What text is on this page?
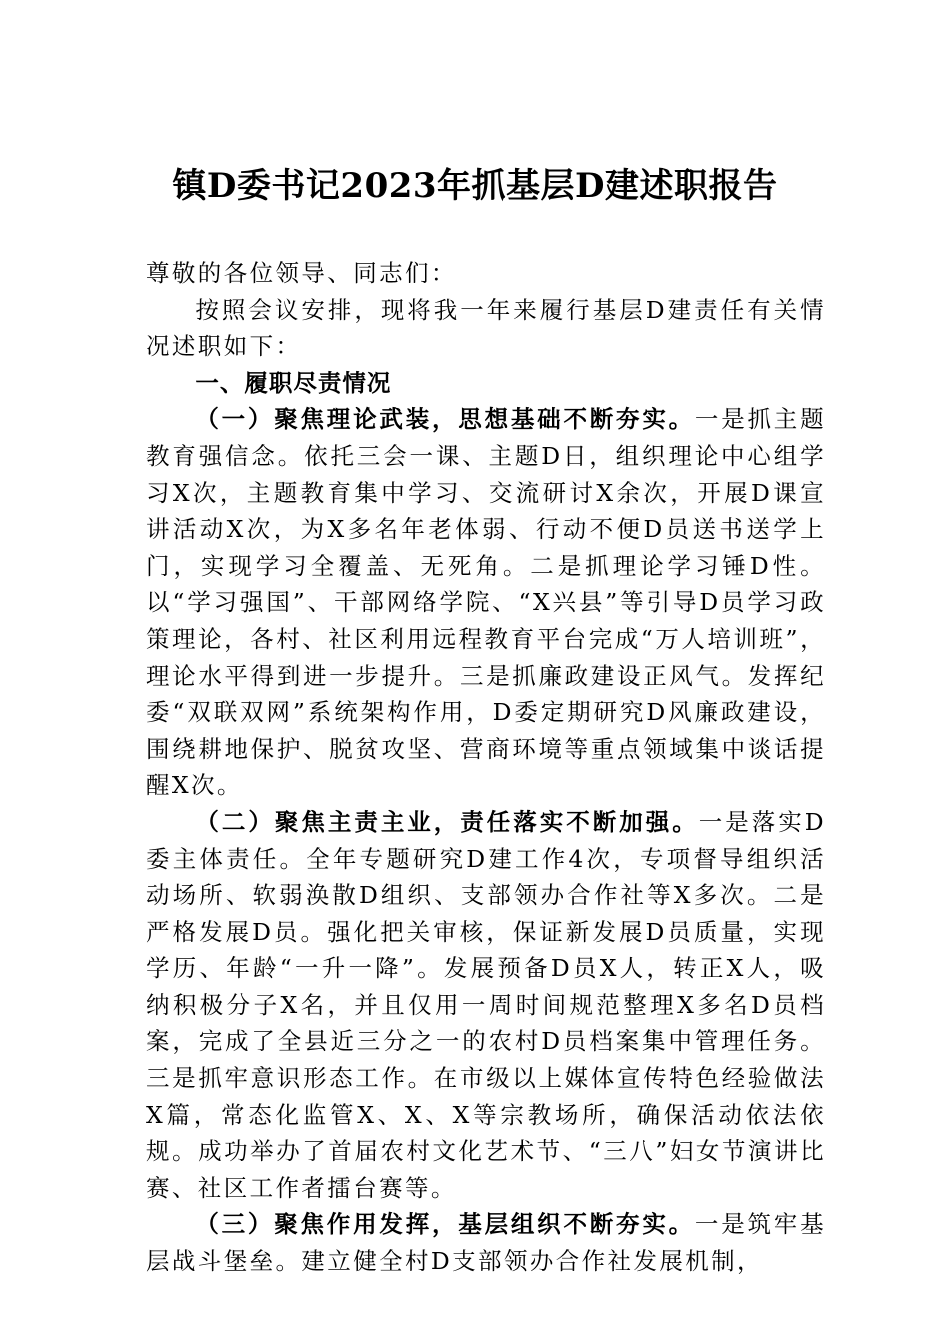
镇D委书记2023年抓基层D建述职报告

尊敬的各位领导、同志们：

按照会议安排，现将我一年来履行基层D建责任有关情况述职如下：

一、履职尽责情况

（一）聚焦理论武装，思想基础不断夯实。一是抓主题教育强信念。依托三会一课、主题D日，组织理论中心组学习X次，主题教育集中学习、交流研讨X余次，开展D课宣讲活动X次，为X多名年老体弱、行动不便D员送书送学上门，实现学习全覆盖、无死角。二是抓理论学习锤D性。以“学习强国”、干部网络学院、“X兴县”等引导D员学习政策理论，各村、社区利用远程教育平台完成“万人培训班”，理论水平得到进一步提升。三是抓廉政建设正风气。发挥纪委“双联双网”系统架构作用，D委定期研究D风廉政建设，围绕耕地保护、脱贫攻坚、营商环境等重点领域集中谈话提醒X次。

（二）聚焦主责主业，责任落实不断加强。一是落实D委主体责任。全年专题研究D建工作4次，专项督导组织活动场所、软弱涣散D组织、支部领办合作社等X多次。二是严格发展D员。强化把关审核，保证新发展D员质量，实现学历、年龄“一升一降”。发展预备D员X人，转正X人，吸纳积极分子X名，并且仅用一周时间规范整理X多名D员档案，完成了全县近三分之一的农村D员档案集中管理任务。三是抓牢意识形态工作。在市级以上媒体宣传特色经验做法X篇，常态化监管X、X、X等宗教场所，确保活动依法依规。成功举办了首届农村文化艺术节、“三八”妇女节演讲比赛、社区工作者擂台赛等。

（三）聚焦作用发挥，基层组织不断夯实。一是筑牢基层战斗堡垒。建立健全村D支部领办合作社发展机制，
